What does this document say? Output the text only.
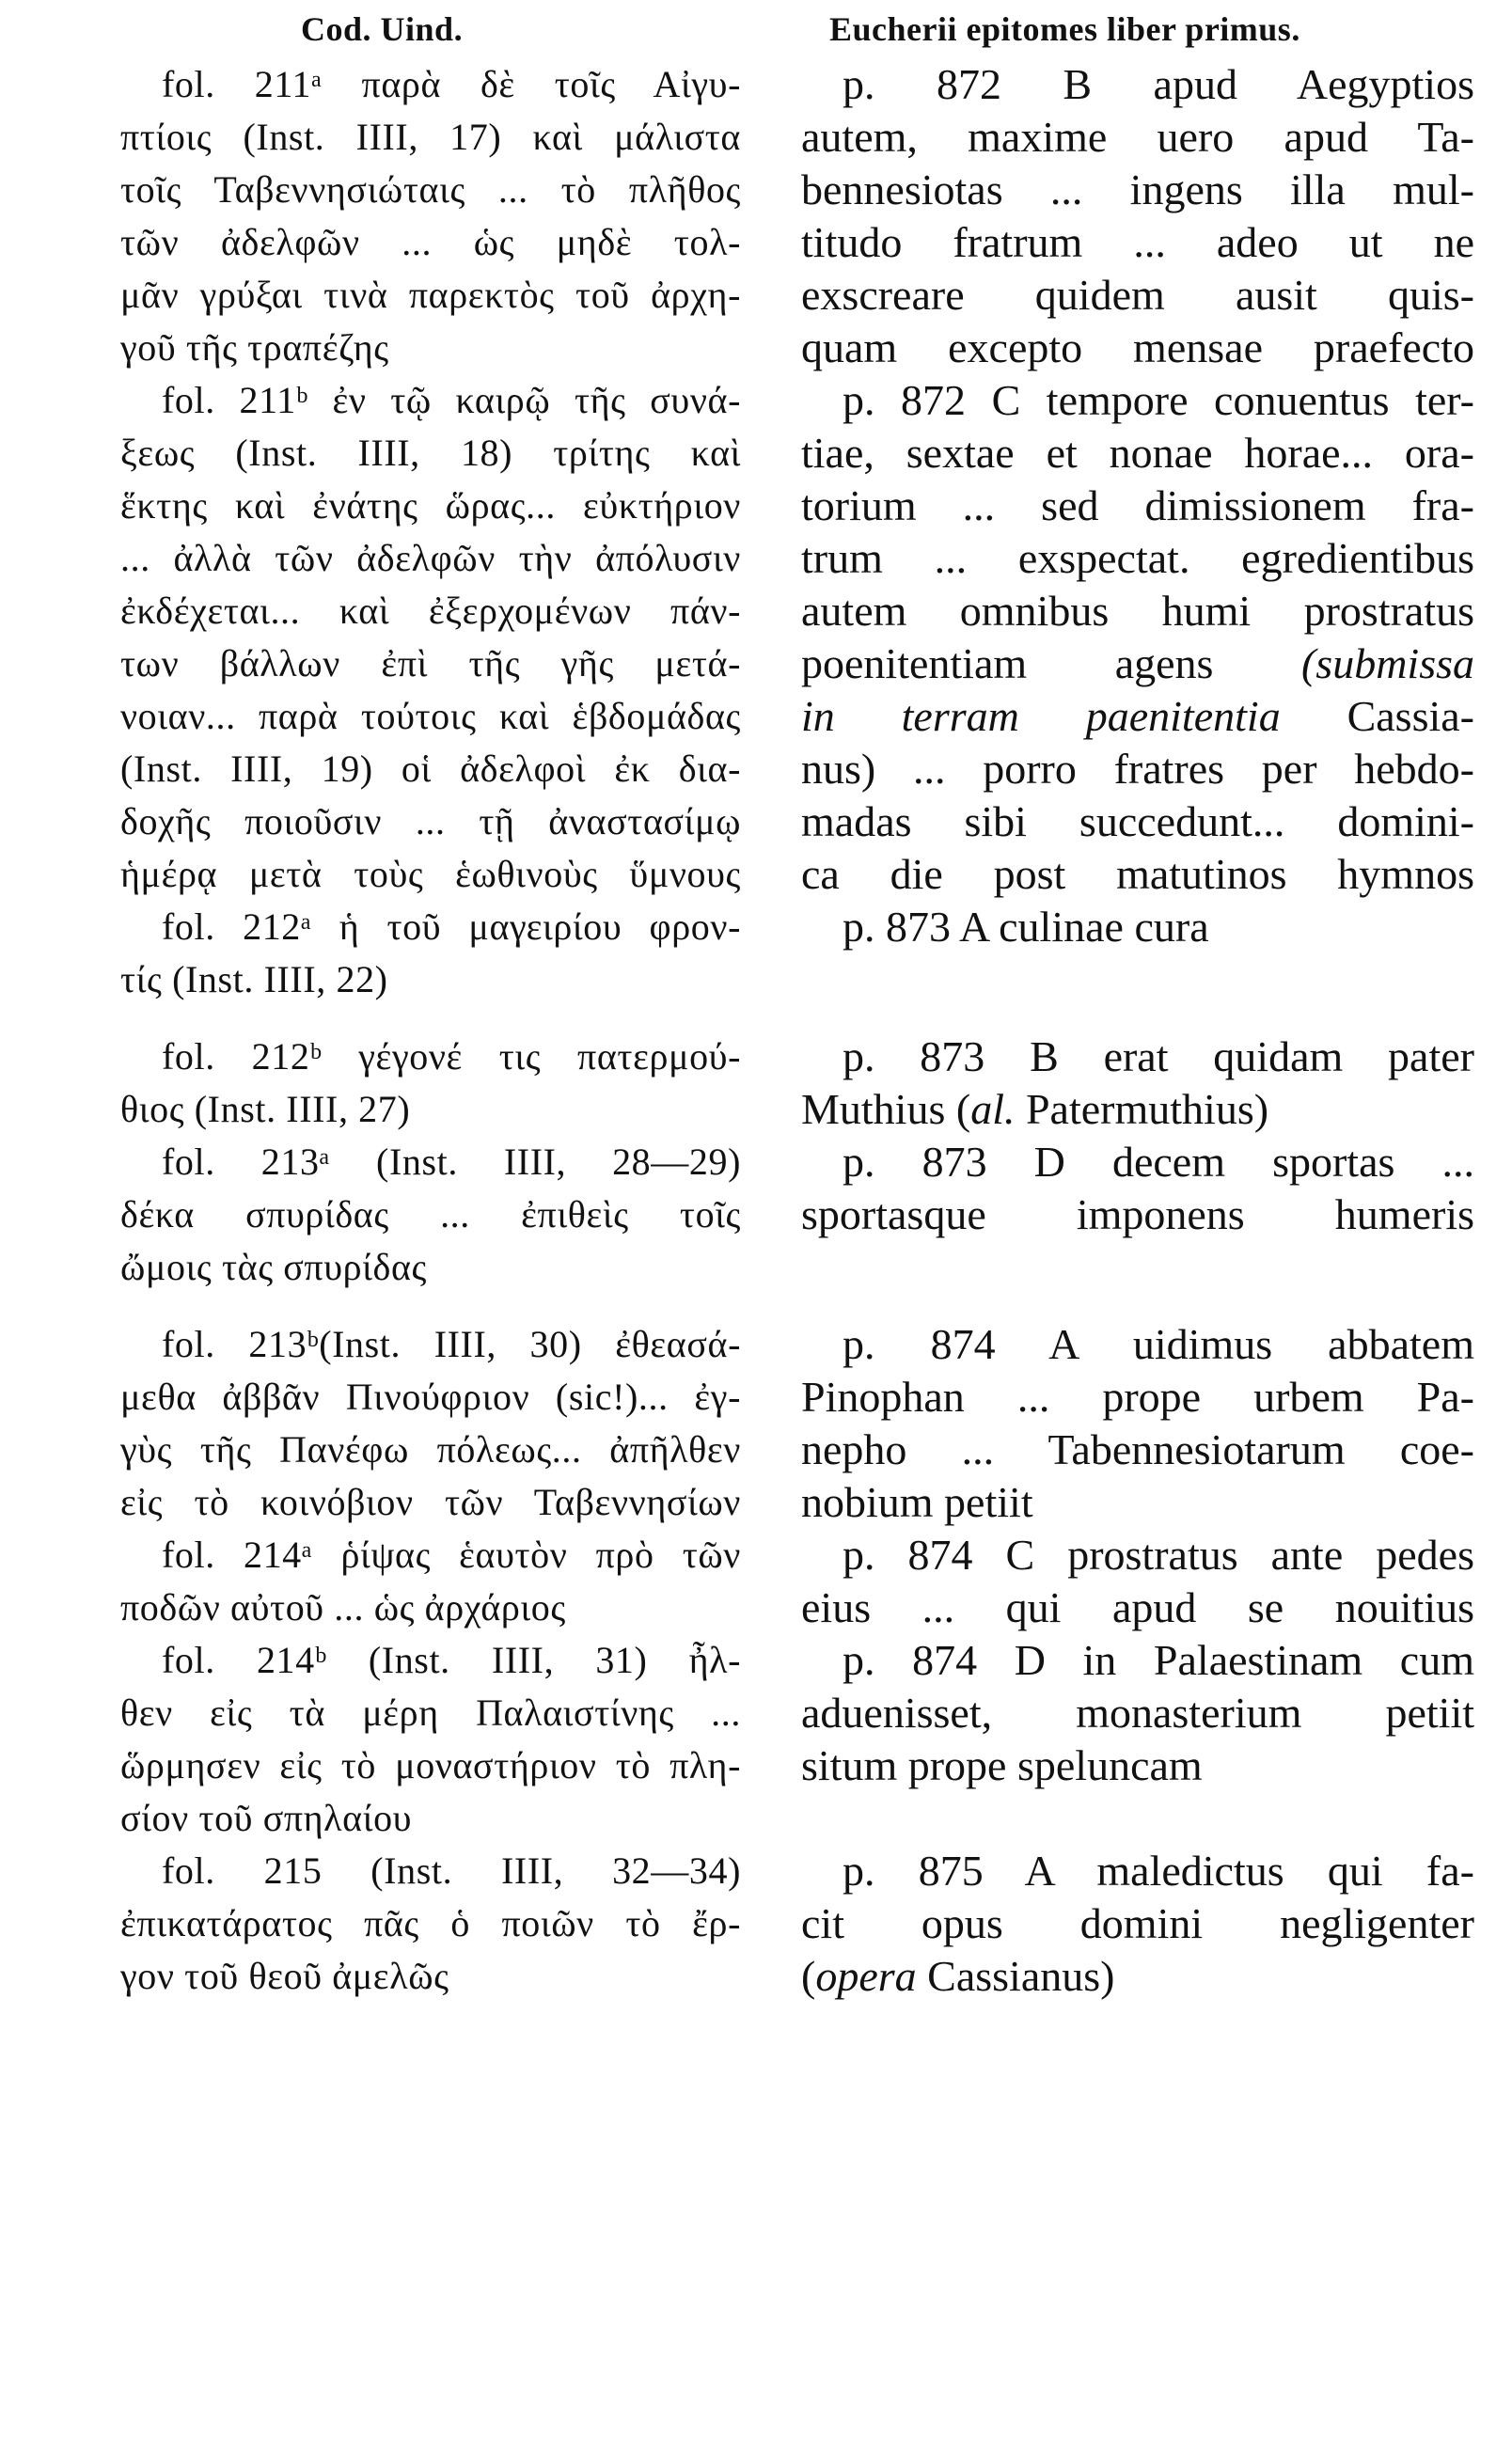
Cod. Uind.
fol. 211ᵃ παρὰ δὲ τοῖς Αἰγυ-
πτίοις (Inst. IIII, 17) καὶ μάλιστα
τοῖς Ταβεννησιώταις ... τὸ πλῆθος
τῶν ἀδελφῶν ... ὡς μηδὲ τολ-
μᾶν γρύξαι τινὰ παρεκτὸς τοῦ ἀρχη-
γοῦ τῆς τραπέζης
fol. 211ᵇ ἐν τῷ καιρῷ τῆς συνά-
ξεως (Inst. IIII, 18) τρίτης καὶ
ἕκτης καὶ ἐνάτης ὥρας... εὐκτήριον
... ἀλλὰ τῶν ἀδελφῶν τὴν ἀπόλυσιν
ἐκδέχεται... καὶ ἐξερχομένων πάν-
των βάλλων ἐπὶ τῆς γῆς μετά-
νοιαν... παρὰ τούτοις καὶ ἑβδομάδας
(Inst. IIII, 19) οἱ ἀδελφοὶ ἐκ δια-
δοχῆς ποιοῦσιν ... τῇ ἀναστασίμῳ
ἡμέρᾳ μετὰ τοὺς ἑωθινοὺς ὕμνους
fol. 212ᵃ ἡ τοῦ μαγειρίου φρον-
τίς (Inst. IIII, 22)
fol. 212ᵇ γέγονέ τις πατερμού-
θιος (Inst. IIII, 27)
fol. 213ᵃ (Inst. IIII, 28—29)
δέκα σπυρίδας ... ἐπιθεὶς τοῖς
ὤμοις τὰς σπυρίδας
fol. 213ᵇ(Inst. IIII, 30) ἐθεασά-
μεθα ἀββᾶν Πινούφριον (sic!)... ἐγ-
γὺς τῆς Πανέφω πόλεως... ἀπῆλθεν
εἰς τὸ κοινόβιον τῶν Ταβεννησίων
fol. 214ᵃ ῥίψας ἑαυτὸν πρὸ τῶν
ποδῶν αὐτοῦ ... ὡς ἀρχάριος
fol. 214ᵇ (Inst. IIII, 31) ἦλ-
θεν εἰς τὰ μέρη Παλαιστίνης ...
ὥρμησεν εἰς τὸ μοναστήριον τὸ πλη-
σίον τοῦ σπηλαίου
fol. 215 (Inst. IIII, 32—34)
ἐπικατάρατος πᾶς ὁ ποιῶν τὸ ἔρ-
γον τοῦ θεοῦ ἀμελῶς
Eucherii epitomes liber primus.
p. 872 B apud Aegyptios
autem, maxime uero apud Ta-
bennesiotas ... ingens illa mul-
titudo fratrum ... adeo ut ne
exscreare quidem ausit quis-
quam excepto mensae praefecto
p. 872 C tempore conuentus ter-
tiae, sextae et nonae horae... ora-
torium ... sed dimissionem fra-
trum ... exspectat. egredientibus
autem omnibus humi prostratus
poenitentiam agens (submissa
in terram paenitentia Cassia-
nus) ... porro fratres per hebdo-
madas sibi succedunt... domini-
ca die post matutinos hymnos
p. 873 A culinae cura
p. 873 B erat quidam pater
Muthius (al. Patermuthius)
p. 873 D decem sportas ...
sportasque imponens humeris
p. 874 A uidimus abbatem
Pinophan ... prope urbem Pa-
nepho ... Tabennesiotarum coe-
nobium petiit
p. 874 C prostratus ante pedes
eius ... qui apud se nouitius
p. 874 D in Palaestinam cum
aduenisset, monasterium petiit
situm prope speluncam
p. 875 A maledictus qui fa-
cit opus domini negligenter
(opera Cassianus)
